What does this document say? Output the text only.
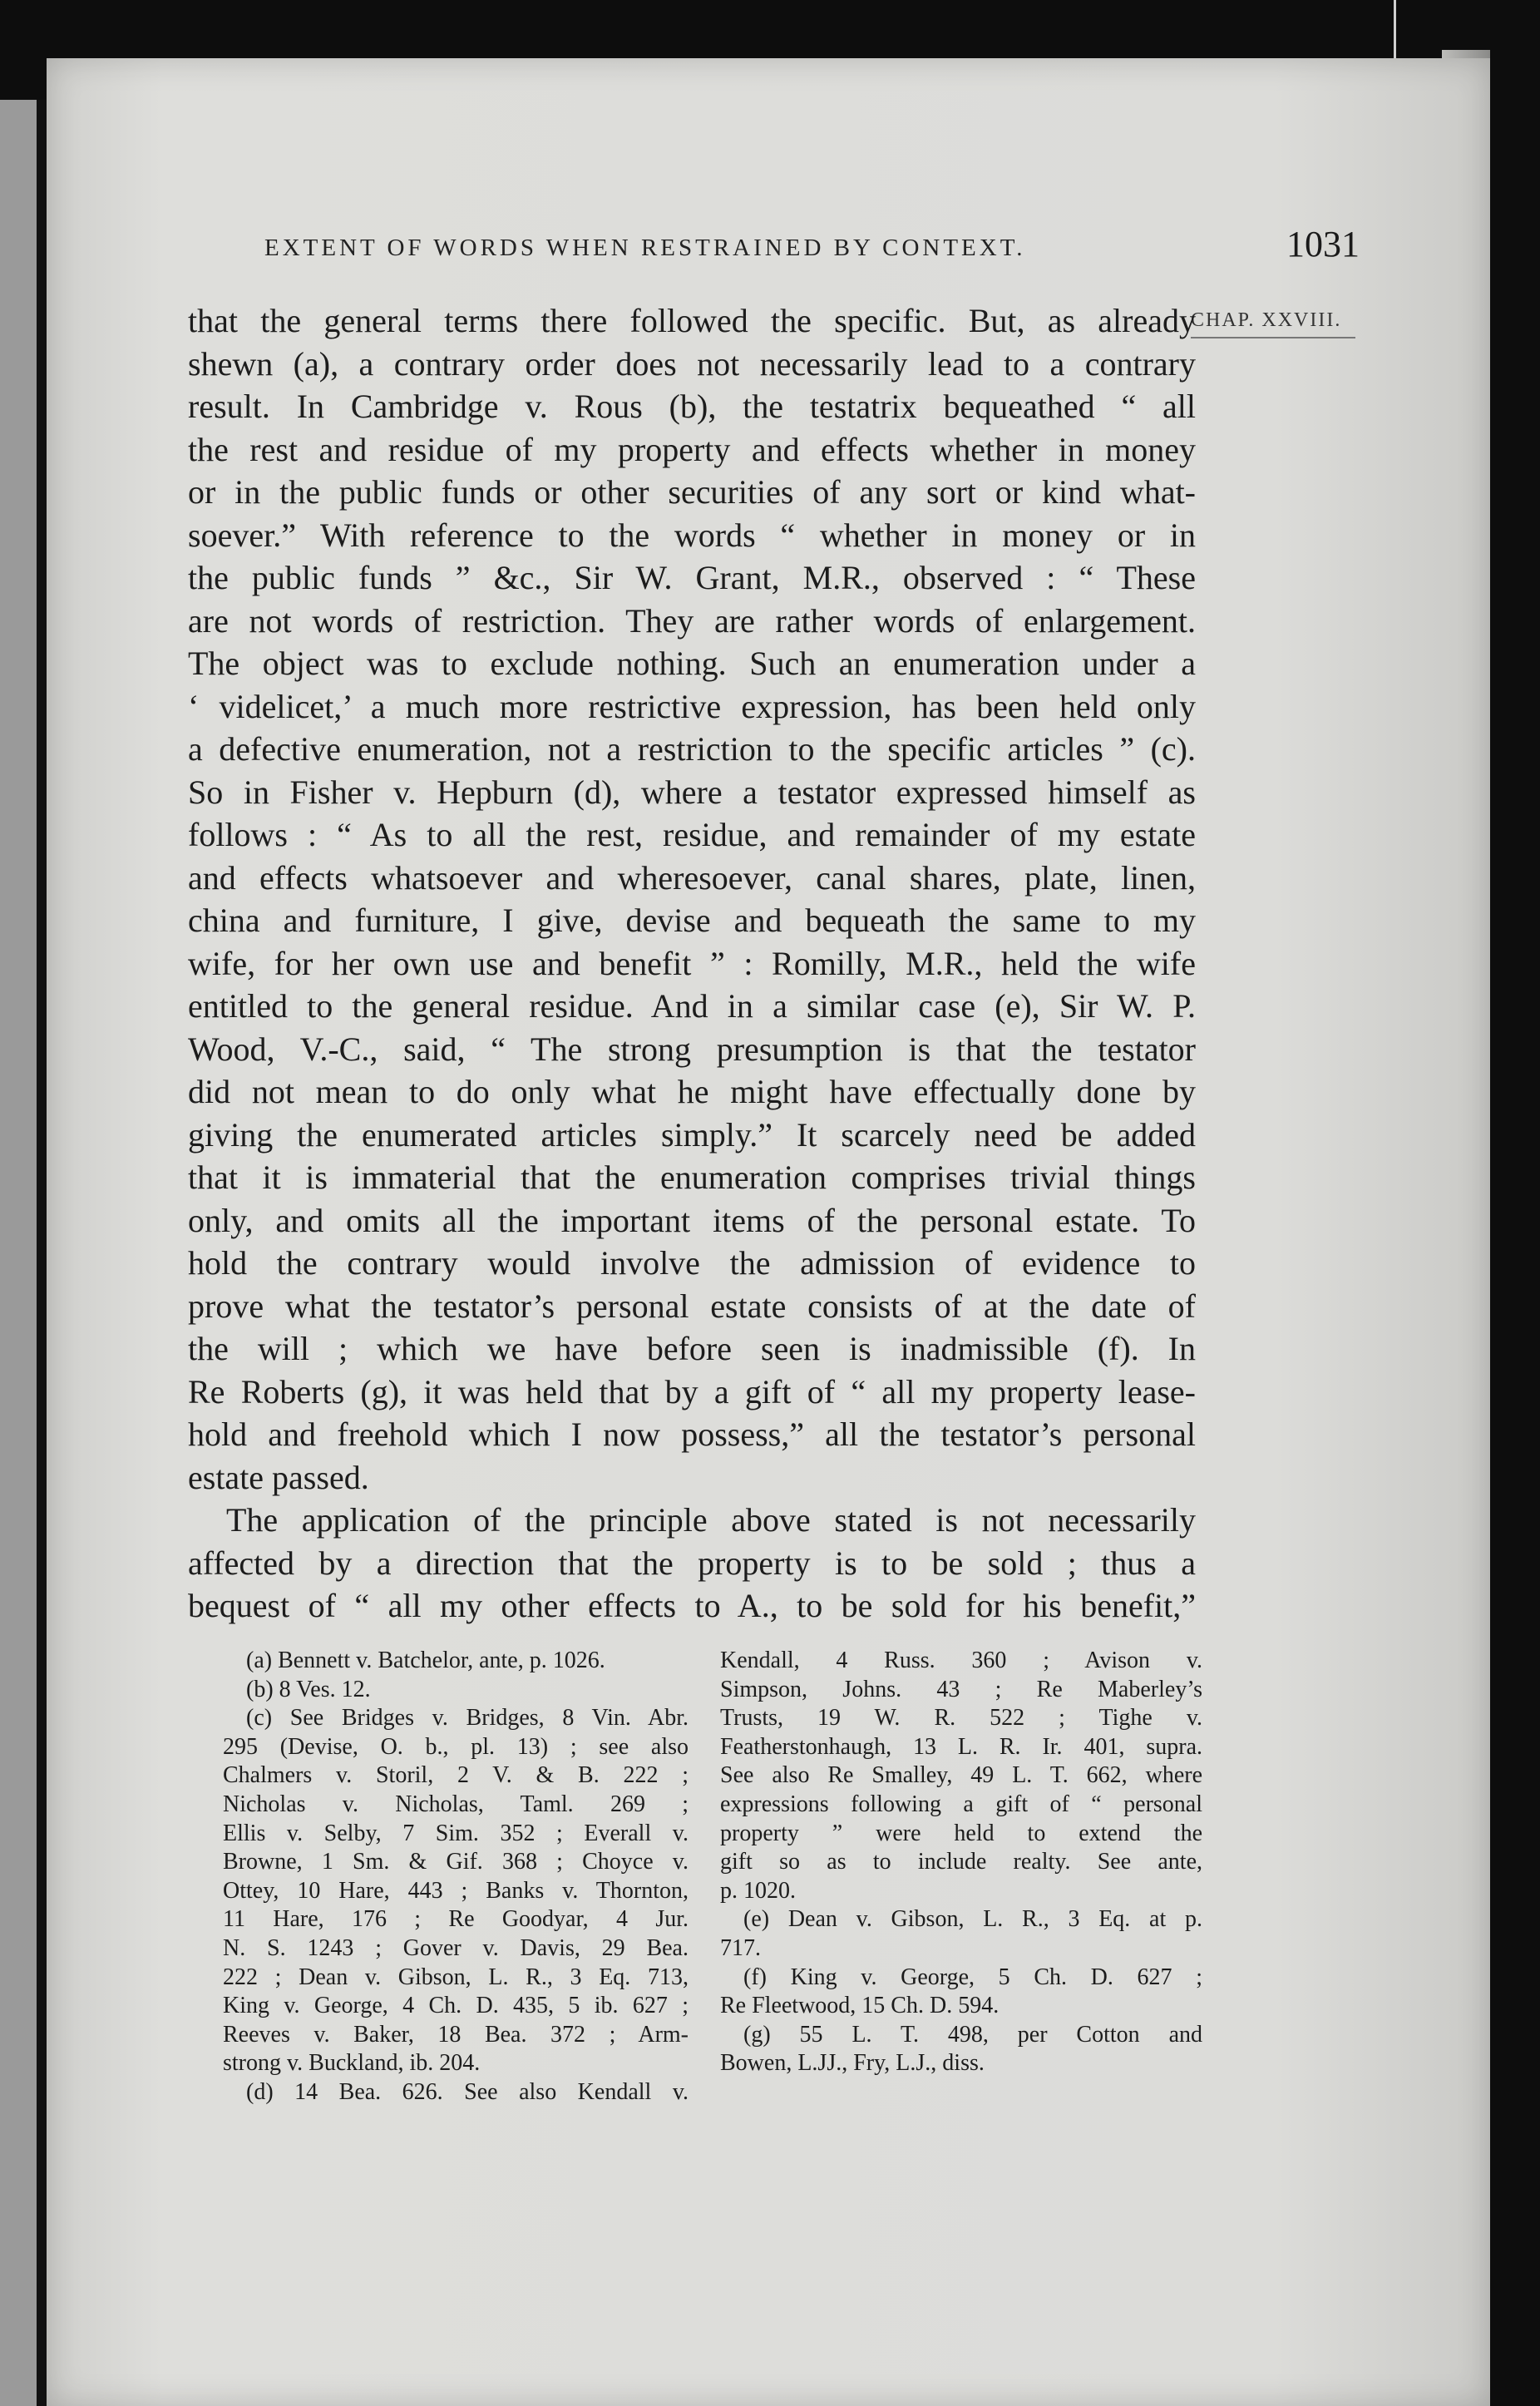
EXTENT OF WORDS WHEN RESTRAINED BY CONTEXT.	1031
CHAP. XXVIII.
that the general terms there followed the specific. But, as already
shewn (a), a contrary order does not necessarily lead to a contrary
result. In Cambridge v. Rous (b), the testatrix bequeathed “ all
the rest and residue of my property and effects whether in money
or in the public funds or other securities of any sort or kind what-
soever.” With reference to the words “ whether in money or in
the public funds ” &c., Sir W. Grant, M.R., observed : “ These
are not words of restriction. They are rather words of enlargement.
The object was to exclude nothing. Such an enumeration under a
‘ videlicet,’ a much more restrictive expression, has been held only
a defective enumeration, not a restriction to the specific articles ” (c).
So in Fisher v. Hepburn (d), where a testator expressed himself as
follows : “ As to all the rest, residue, and remainder of my estate
and effects whatsoever and wheresoever, canal shares, plate, linen,
china and furniture, I give, devise and bequeath the same to my
wife, for her own use and benefit ” : Romilly, M.R., held the wife
entitled to the general residue. And in a similar case (e), Sir W. P.
Wood, V.-C., said, “ The strong presumption is that the testator
did not mean to do only what he might have effectually done by
giving the enumerated articles simply.” It scarcely need be added
that it is immaterial that the enumeration comprises trivial things
only, and omits all the important items of the personal estate. To
hold the contrary would involve the admission of evidence to
prove what the testator’s personal estate consists of at the date of
the will ; which we have before seen is inadmissible (f). In
Re Roberts (g), it was held that by a gift of “ all my property lease-
hold and freehold which I now possess,” all the testator’s personal
estate passed.
The application of the principle above stated is not necessarily
affected by a direction that the property is to be sold ; thus a
bequest of “ all my other effects to A., to be sold for his benefit,”
(a) Bennett v. Batchelor, ante, p. 1026.
(b) 8 Ves. 12.
(c) See Bridges v. Bridges, 8 Vin. Abr.
295 (Devise, O. b., pl. 13) ; see also
Chalmers v. Storil, 2 V. & B. 222 ;
Nicholas v. Nicholas, Taml. 269 ;
Ellis v. Selby, 7 Sim. 352 ; Everall v.
Browne, 1 Sm. & Gif. 368 ; Choyce v.
Ottey, 10 Hare, 443 ; Banks v. Thornton,
11 Hare, 176 ; Re Goodyar, 4 Jur.
N. S. 1243 ; Gover v. Davis, 29 Bea.
222 ; Dean v. Gibson, L. R., 3 Eq. 713,
King v. George, 4 Ch. D. 435, 5 ib. 627 ;
Reeves v. Baker, 18 Bea. 372 ; Arm-
strong v. Buckland, ib. 204.
(d) 14 Bea. 626. See also Kendall v.
Kendall, 4 Russ. 360 ; Avison v.
Simpson, Johns. 43 ; Re Maberley’s
Trusts, 19 W. R. 522 ; Tighe v.
Featherstonhaugh, 13 L. R. Ir. 401, supra.
See also Re Smalley, 49 L. T. 662, where
expressions following a gift of “ personal
property ” were held to extend the
gift so as to include realty. See ante,
p. 1020.
(e) Dean v. Gibson, L. R., 3 Eq. at p.
717.
(f) King v. George, 5 Ch. D. 627 ;
Re Fleetwood, 15 Ch. D. 594.
(g) 55 L. T. 498, per Cotton and
Bowen, L.JJ., Fry, L.J., diss.
